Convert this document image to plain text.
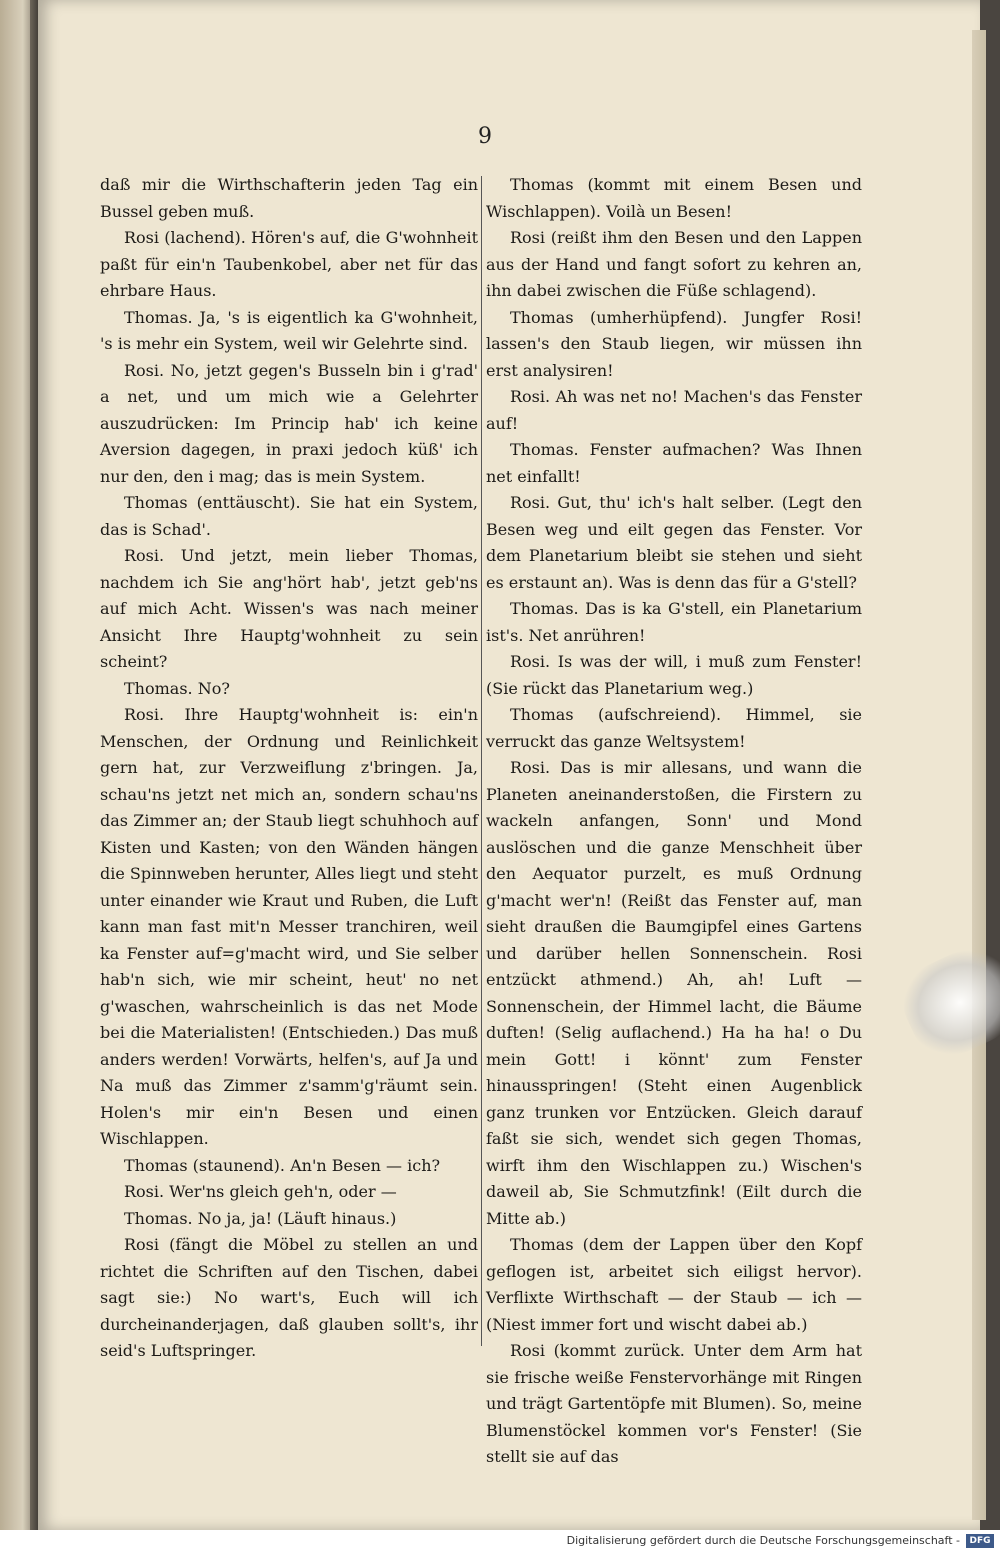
9

daß mir die Wirthschafterin jeden Tag ein Bussel geben muß.

Rosi (lachend). Hören's auf, die G'wohnheit paßt für ein'n Taubenkobel, aber net für das ehrbare Haus.

Thomas. Ja, 's is eigentlich ka G'wohnheit, 's is mehr ein System, weil wir Gelehrte sind.

Rosi. No, jetzt gegen's Busseln bin i g'rad' a net, und um mich wie a Gelehrter auszudrücken: Im Princip hab' ich keine Aversion dagegen, in praxi jedoch küß' ich nur den, den i mag; das is mein System.

Thomas (enttäuscht). Sie hat ein System, das is Schad'.

Rosi. Und jetzt, mein lieber Thomas, nachdem ich Sie ang'hört hab', jetzt geb'ns auf mich Acht. Wissen's was nach meiner Ansicht Ihre Hauptg'wohnheit zu sein scheint?

Thomas. No?

Rosi. Ihre Hauptg'wohnheit is: ein'n Menschen, der Ordnung und Reinlichkeit gern hat, zur Verzweiflung z'bringen. Ja, schau'ns jetzt net mich an, sondern schau'ns das Zimmer an; der Staub liegt schuhhoch auf Kisten und Kasten; von den Wänden hängen die Spinnweben herunter, Alles liegt und steht unter einander wie Kraut und Ruben, die Luft kann man fast mit'n Messer tranchiren, weil ka Fenster auf=g'macht wird, und Sie selber hab'n sich, wie mir scheint, heut' no net g'waschen, wahrscheinlich is das net Mode bei die Materialisten! (Entschieden.) Das muß anders werden! Vorwärts, helfen's, auf Ja und Na muß das Zimmer z'samm'g'räumt sein. Holen's mir ein'n Besen und einen Wischlappen.

Thomas (staunend). An'n Besen — ich?

Rosi. Wer'ns gleich geh'n, oder —

Thomas. No ja, ja! (Läuft hinaus.)

Rosi (fängt die Möbel zu stellen an und richtet die Schriften auf den Tischen, dabei sagt sie:) No wart's, Euch will ich durcheinanderjagen, daß glauben sollt's, ihr seid's Luftspringer.

Thomas (kommt mit einem Besen und Wischlappen). Voilà un Besen!

Rosi (reißt ihm den Besen und den Lappen aus der Hand und fangt sofort zu kehren an, ihn dabei zwischen die Füße schlagend).

Thomas (umherhüpfend). Jungfer Rosi! lassen's den Staub liegen, wir müssen ihn erst analysiren!

Rosi. Ah was net no! Machen's das Fenster auf!

Thomas. Fenster aufmachen? Was Ihnen net einfallt!

Rosi. Gut, thu' ich's halt selber. (Legt den Besen weg und eilt gegen das Fenster. Vor dem Planetarium bleibt sie stehen und sieht es erstaunt an). Was is denn das für a G'stell?

Thomas. Das is ka G'stell, ein Planetarium ist's. Net anrühren!

Rosi. Is was der will, i muß zum Fenster! (Sie rückt das Planetarium weg.)

Thomas (aufschreiend). Himmel, sie verruckt das ganze Weltsystem!

Rosi. Das is mir allesans, und wann die Planeten aneinanderstoßen, die Firstern zu wackeln anfangen, Sonn' und Mond auslöschen und die ganze Menschheit über den Aequator purzelt, es muß Ordnung g'macht wer'n! (Reißt das Fenster auf, man sieht draußen die Baumgipfel eines Gartens und darüber hellen Sonnenschein. Rosi entzückt athmend.) Ah, ah! Luft — Sonnenschein, der Himmel lacht, die Bäume duften! (Selig auflachend.) Ha ha ha! o Du mein Gott! i könnt' zum Fenster hinausspringen! (Steht einen Augenblick ganz trunken vor Entzücken. Gleich darauf faßt sie sich, wendet sich gegen Thomas, wirft ihm den Wischlappen zu.) Wischen's daweil ab, Sie Schmutzfink! (Eilt durch die Mitte ab.)

Thomas (dem der Lappen über den Kopf geflogen ist, arbeitet sich eiligst hervor). Verflixte Wirthschaft — der Staub — ich — (Niest immer fort und wischt dabei ab.)

Rosi (kommt zurück. Unter dem Arm hat sie frische weiße Fenstervorhänge mit Ringen und trägt Gartentöpfe mit Blumen). So, meine Blumenstöckel kommen vor's Fenster! (Sie stellt sie auf das

Digitalisierung gefördert durch die Deutsche Forschungsgemeinschaft -	DFG
